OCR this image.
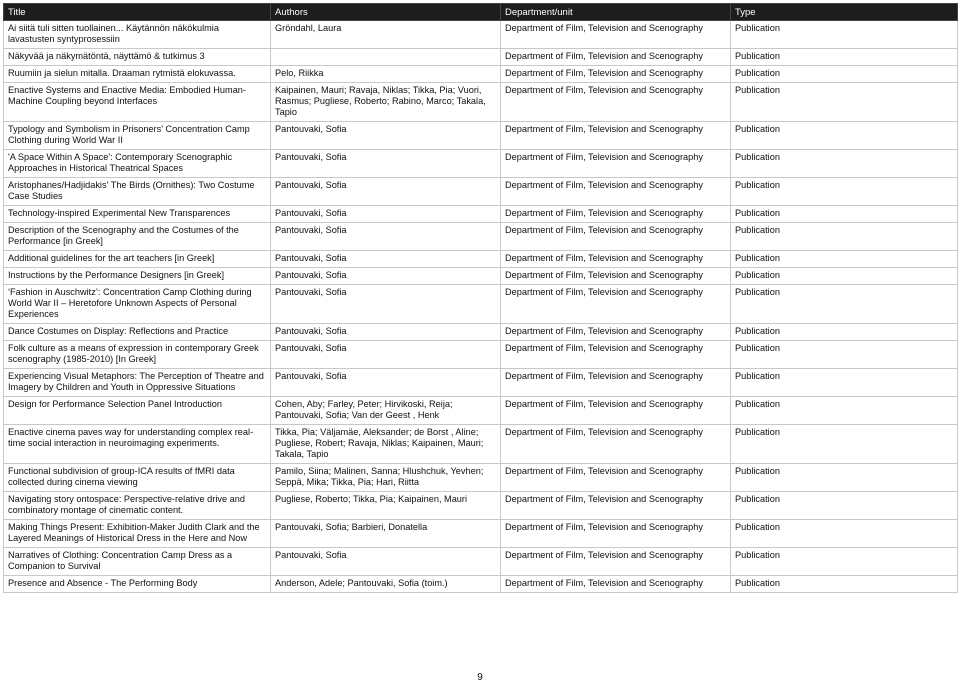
Title	Authors	Department/unit	Type
Ai siitä tuli sitten tuollainen... Käytännön näkökulmia lavastusten syntyprosessiin	Gröndahl, Laura	Department of Film, Television and Scenography	Publication
Näkyvää ja näkymätöntä, näyttämö & tutkimus 3		Department of Film, Television and Scenography	Publication
Ruumiin ja sielun mitalla. Draaman rytmistä elokuvassa.	Pelo, Riikka	Department of Film, Television and Scenography	Publication
Enactive Systems and Enactive Media: Embodied Human-Machine Coupling beyond Interfaces	Kaipainen, Mauri; Ravaja, Niklas; Tikka, Pia; Vuori, Rasmus; Pugliese, Roberto; Rabino, Marco; Takala, Tapio	Department of Film, Television and Scenography	Publication
Typology and Symbolism in Prisoners' Concentration Camp Clothing during World War II	Pantouvaki, Sofia	Department of Film, Television and Scenography	Publication
'A Space Within A Space': Contemporary Scenographic Approaches in Historical Theatrical Spaces	Pantouvaki, Sofia	Department of Film, Television and Scenography	Publication
Aristophanes/Hadjidakis' The Birds (Ornithes): Two Costume Case Studies	Pantouvaki, Sofia	Department of Film, Television and Scenography	Publication
Technology-inspired Experimental New Transparences	Pantouvaki, Sofia	Department of Film, Television and Scenography	Publication
Description of the Scenography and the Costumes of the Performance [in Greek]	Pantouvaki, Sofia	Department of Film, Television and Scenography	Publication
Additional guidelines for the art teachers [in Greek]	Pantouvaki, Sofia	Department of Film, Television and Scenography	Publication
Instructions by the Performance Designers [in Greek]	Pantouvaki, Sofia	Department of Film, Television and Scenography	Publication
‘Fashion in Auschwitz’: Concentration Camp Clothing during World War II – Heretofore Unknown Aspects of Personal Experiences	Pantouvaki, Sofia	Department of Film, Television and Scenography	Publication
Dance Costumes on Display: Reflections and Practice	Pantouvaki, Sofia	Department of Film, Television and Scenography	Publication
Folk culture as a means of expression in contemporary Greek scenography (1985-2010) [In Greek]	Pantouvaki, Sofia	Department of Film, Television and Scenography	Publication
Experiencing Visual Metaphors: The Perception of Theatre and Imagery by Children and Youth in Oppressive Situations	Pantouvaki, Sofia	Department of Film, Television and Scenography	Publication
Design for Performance Selection Panel Introduction	Cohen, Aby; Farley, Peter; Hirvikoski, Reija; Pantouvaki, Sofia; Van der Geest , Henk	Department of Film, Television and Scenography	Publication
Enactive cinema paves way for understanding complex real-time social interaction in neuroimaging experiments.	Tikka, Pia; Väljamäe, Aleksander; de Borst , Aline; Pugliese, Robert; Ravaja, Niklas; Kaipainen, Mauri; Takala, Tapio	Department of Film, Television and Scenography	Publication
Functional subdivision of group-ICA results of fMRI data collected during cinema viewing	Pamilo, Siina; Malinen, Sanna; Hlushchuk, Yevhen; Seppä, Mika; Tikka, Pia; Hari, Riitta	Department of Film, Television and Scenography	Publication
Navigating story ontospace: Perspective-relative drive and combinatory montage of cinematic content.	Pugliese, Roberto; Tikka, Pia; Kaipainen, Mauri	Department of Film, Television and Scenography	Publication
Making Things Present: Exhibition-Maker Judith Clark and the Layered Meanings of Historical Dress in the Here and Now	Pantouvaki, Sofia; Barbieri, Donatella	Department of Film, Television and Scenography	Publication
Narratives of Clothing: Concentration Camp Dress as a Companion to Survival	Pantouvaki, Sofia	Department of Film, Television and Scenography	Publication
Presence and Absence - The Performing Body	Anderson, Adele; Pantouvaki, Sofia (toim.)	Department of Film, Television and Scenography	Publication
9
